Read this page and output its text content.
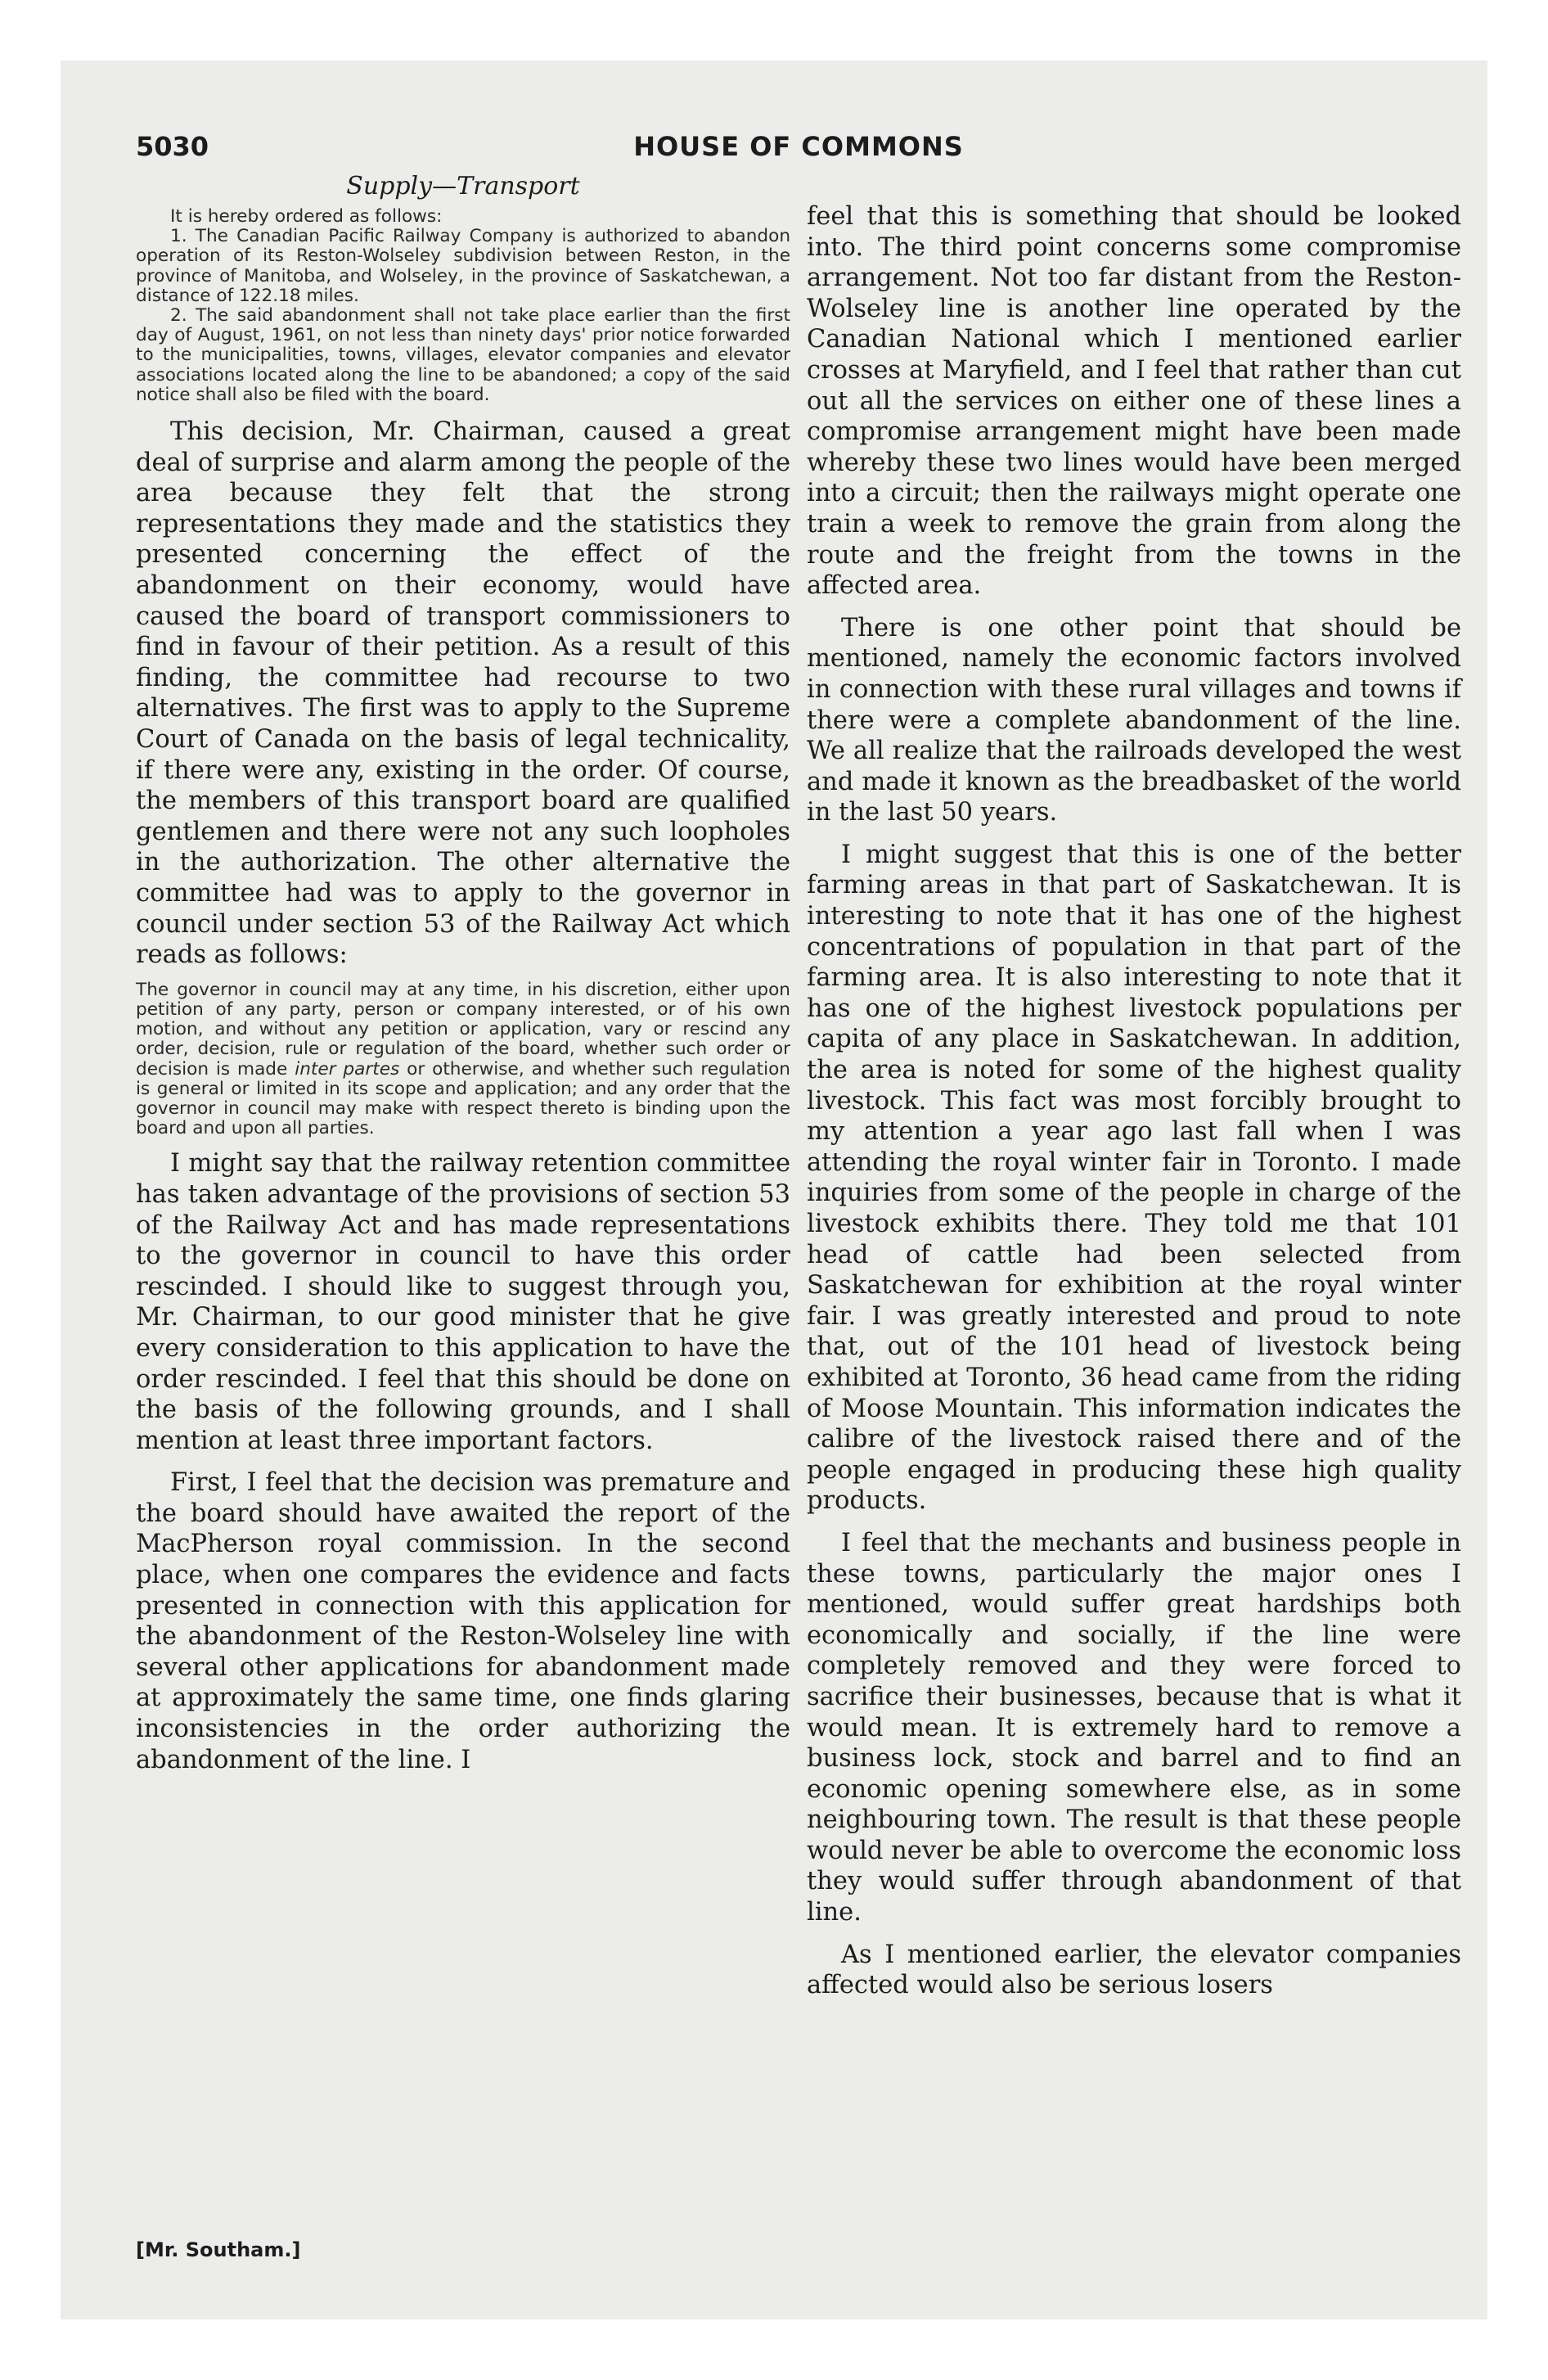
5030	HOUSE OF COMMONS
Supply—Transport

It is hereby ordered as follows:

1. The Canadian Pacific Railway Company is authorized to abandon operation of its Reston-Wolseley subdivision between Reston, in the province of Manitoba, and Wolseley, in the province of Saskatchewan, a distance of 122.18 miles.

2. The said abandonment shall not take place earlier than the first day of August, 1961, on not less than ninety days' prior notice forwarded to the municipalities, towns, villages, elevator companies and elevator associations located along the line to be abandoned; a copy of the said notice shall also be filed with the board.

This decision, Mr. Chairman, caused a great deal of surprise and alarm among the people of the area because they felt that the strong representations they made and the statistics they presented concerning the effect of the abandonment on their economy, would have caused the board of transport commissioners to find in favour of their petition. As a result of this finding, the committee had recourse to two alternatives. The first was to apply to the Supreme Court of Canada on the basis of legal technicality, if there were any, existing in the order. Of course, the members of this transport board are qualified gentlemen and there were not any such loopholes in the authorization. The other alternative the committee had was to apply to the governor in council under section 53 of the Railway Act which reads as follows:

The governor in council may at any time, in his discretion, either upon petition of any party, person or company interested, or of his own motion, and without any petition or application, vary or rescind any order, decision, rule or regulation of the board, whether such order or decision is made inter partes or otherwise, and whether such regulation is general or limited in its scope and application; and any order that the governor in council may make with respect thereto is binding upon the board and upon all parties.

I might say that the railway retention committee has taken advantage of the provisions of section 53 of the Railway Act and has made representations to the governor in council to have this order rescinded. I should like to suggest through you, Mr. Chairman, to our good minister that he give every consideration to this application to have the order rescinded. I feel that this should be done on the basis of the following grounds, and I shall mention at least three important factors.

First, I feel that the decision was premature and the board should have awaited the report of the MacPherson royal commission. In the second place, when one compares the evidence and facts presented in connection with this application for the abandonment of the Reston-Wolseley line with several other applications for abandonment made at approximately the same time, one finds glaring inconsistencies in the order authorizing the abandonment of the line. I

feel that this is something that should be looked into. The third point concerns some compromise arrangement. Not too far distant from the Reston-Wolseley line is another line operated by the Canadian National which I mentioned earlier crosses at Maryfield, and I feel that rather than cut out all the services on either one of these lines a compromise arrangement might have been made whereby these two lines would have been merged into a circuit; then the railways might operate one train a week to remove the grain from along the route and the freight from the towns in the affected area.

There is one other point that should be mentioned, namely the economic factors involved in connection with these rural villages and towns if there were a complete abandonment of the line. We all realize that the railroads developed the west and made it known as the breadbasket of the world in the last 50 years.

I might suggest that this is one of the better farming areas in that part of Saskatchewan. It is interesting to note that it has one of the highest concentrations of population in that part of the farming area. It is also interesting to note that it has one of the highest livestock populations per capita of any place in Saskatchewan. In addition, the area is noted for some of the highest quality livestock. This fact was most forcibly brought to my attention a year ago last fall when I was attending the royal winter fair in Toronto. I made inquiries from some of the people in charge of the livestock exhibits there. They told me that 101 head of cattle had been selected from Saskatchewan for exhibition at the royal winter fair. I was greatly interested and proud to note that, out of the 101 head of livestock being exhibited at Toronto, 36 head came from the riding of Moose Mountain. This information indicates the calibre of the livestock raised there and of the people engaged in producing these high quality products.

I feel that the mechants and business people in these towns, particularly the major ones I mentioned, would suffer great hardships both economically and socially, if the line were completely removed and they were forced to sacrifice their businesses, because that is what it would mean. It is extremely hard to remove a business lock, stock and barrel and to find an economic opening somewhere else, as in some neighbouring town. The result is that these people would never be able to overcome the economic loss they would suffer through abandonment of that line.

As I mentioned earlier, the elevator companies affected would also be serious losers

[Mr. Southam.]
